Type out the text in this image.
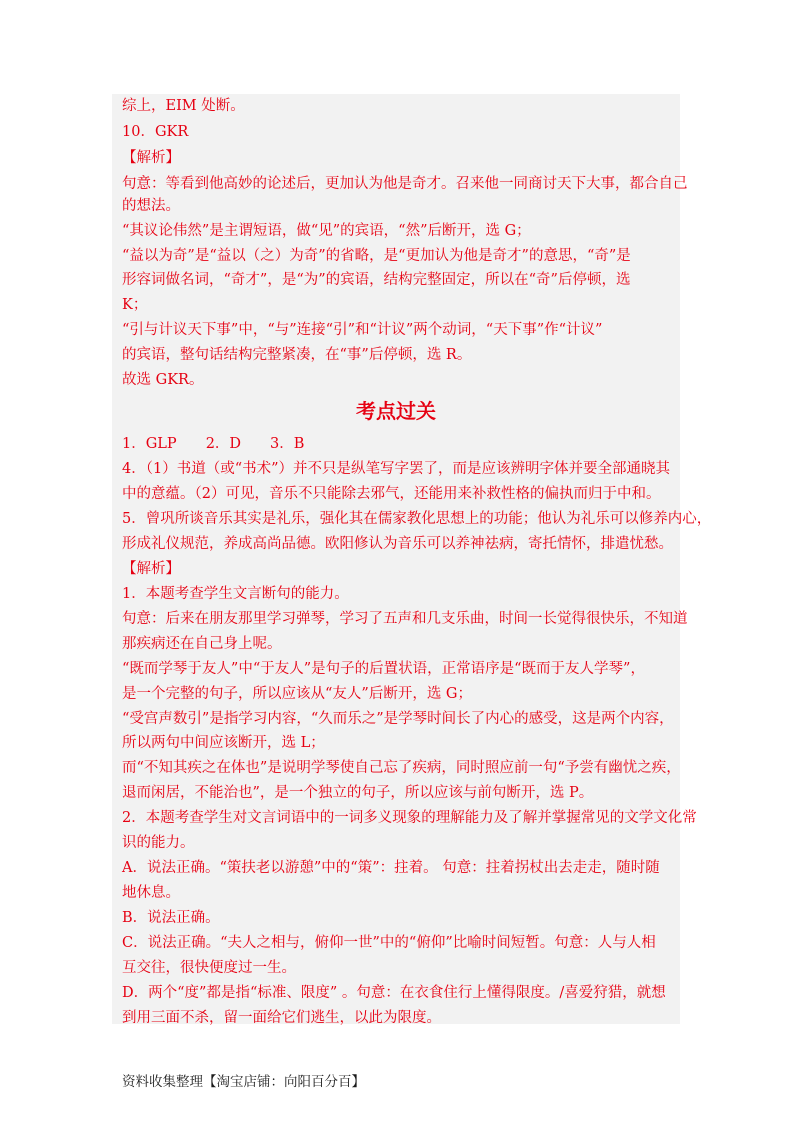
综上，EIM 处断。
10．GKR
【解析】
句意：等看到他高妙的论述后，更加认为他是奇才。召来他一同商讨天下大事，都合自己
的想法。
“其议论伟然”是主谓短语，做“见”的宾语，“然”后断开，选 G；
“益以为奇”是“益以（之）为奇”的省略，是“更加认为他是奇才”的意思，“奇”是
形容词做名词，“奇才”，是“为”的宾语，结构完整固定，所以在“奇”后停顿，选
K；
“引与计议天下事”中，“与”连接“引”和“计议”两个动词，“天下事”作“计议”
的宾语，整句话结构完整紧凑，在“事”后停顿，选 R。
故选 GKR。
考点过关
1．GLP　　2．D　　3．B
4．（1）书道（或“书术”）并不只是纵笔写字罢了，而是应该辨明字体并要全部通晓其
中的意蕴。（2）可见，音乐不只能除去邪气，还能用来补救性格的偏执而归于中和。
5．曾巩所谈音乐其实是礼乐，强化其在儒家教化思想上的功能；他认为礼乐可以修养内心，
形成礼仪规范，养成高尚品德。欧阳修认为音乐可以养神祛病，寄托情怀，排遣忧愁。
【解析】
1．本题考查学生文言断句的能力。
句意：后来在朋友那里学习弹琴，学习了五声和几支乐曲，时间一长觉得很快乐，不知道
那疾病还在自己身上呢。
“既而学琴于友人”中“于友人”是句子的后置状语，正常语序是“既而于友人学琴”，
是一个完整的句子，所以应该从“友人”后断开，选 G；
“受宫声数引”是指学习内容，“久而乐之”是学琴时间长了内心的感受，这是两个内容，
所以两句中间应该断开，选 L；
而“不知其疾之在体也”是说明学琴使自己忘了疾病，同时照应前一句“予尝有幽忧之疾，
退而闲居，不能治也”，是一个独立的句子，所以应该与前句断开，选 P。
2．本题考查学生对文言词语中的一词多义现象的理解能力及了解并掌握常见的文学文化常
识的能力。
A．说法正确。“策扶老以游憩”中的“策”：拄着。 句意：拄着拐杖出去走走，随时随
地休息。
B．说法正确。
C．说法正确。“夫人之相与，俯仰一世”中的“俯仰”比喻时间短暂。句意：人与人相
互交往，很快便度过一生。
D．两个“度”都是指“标准、限度” 。句意：在衣食住行上懂得限度。/喜爱狩猎，就想
到用三面不杀，留一面给它们逃生，以此为限度。
资料收集整理【淘宝店铺：向阳百分百】
